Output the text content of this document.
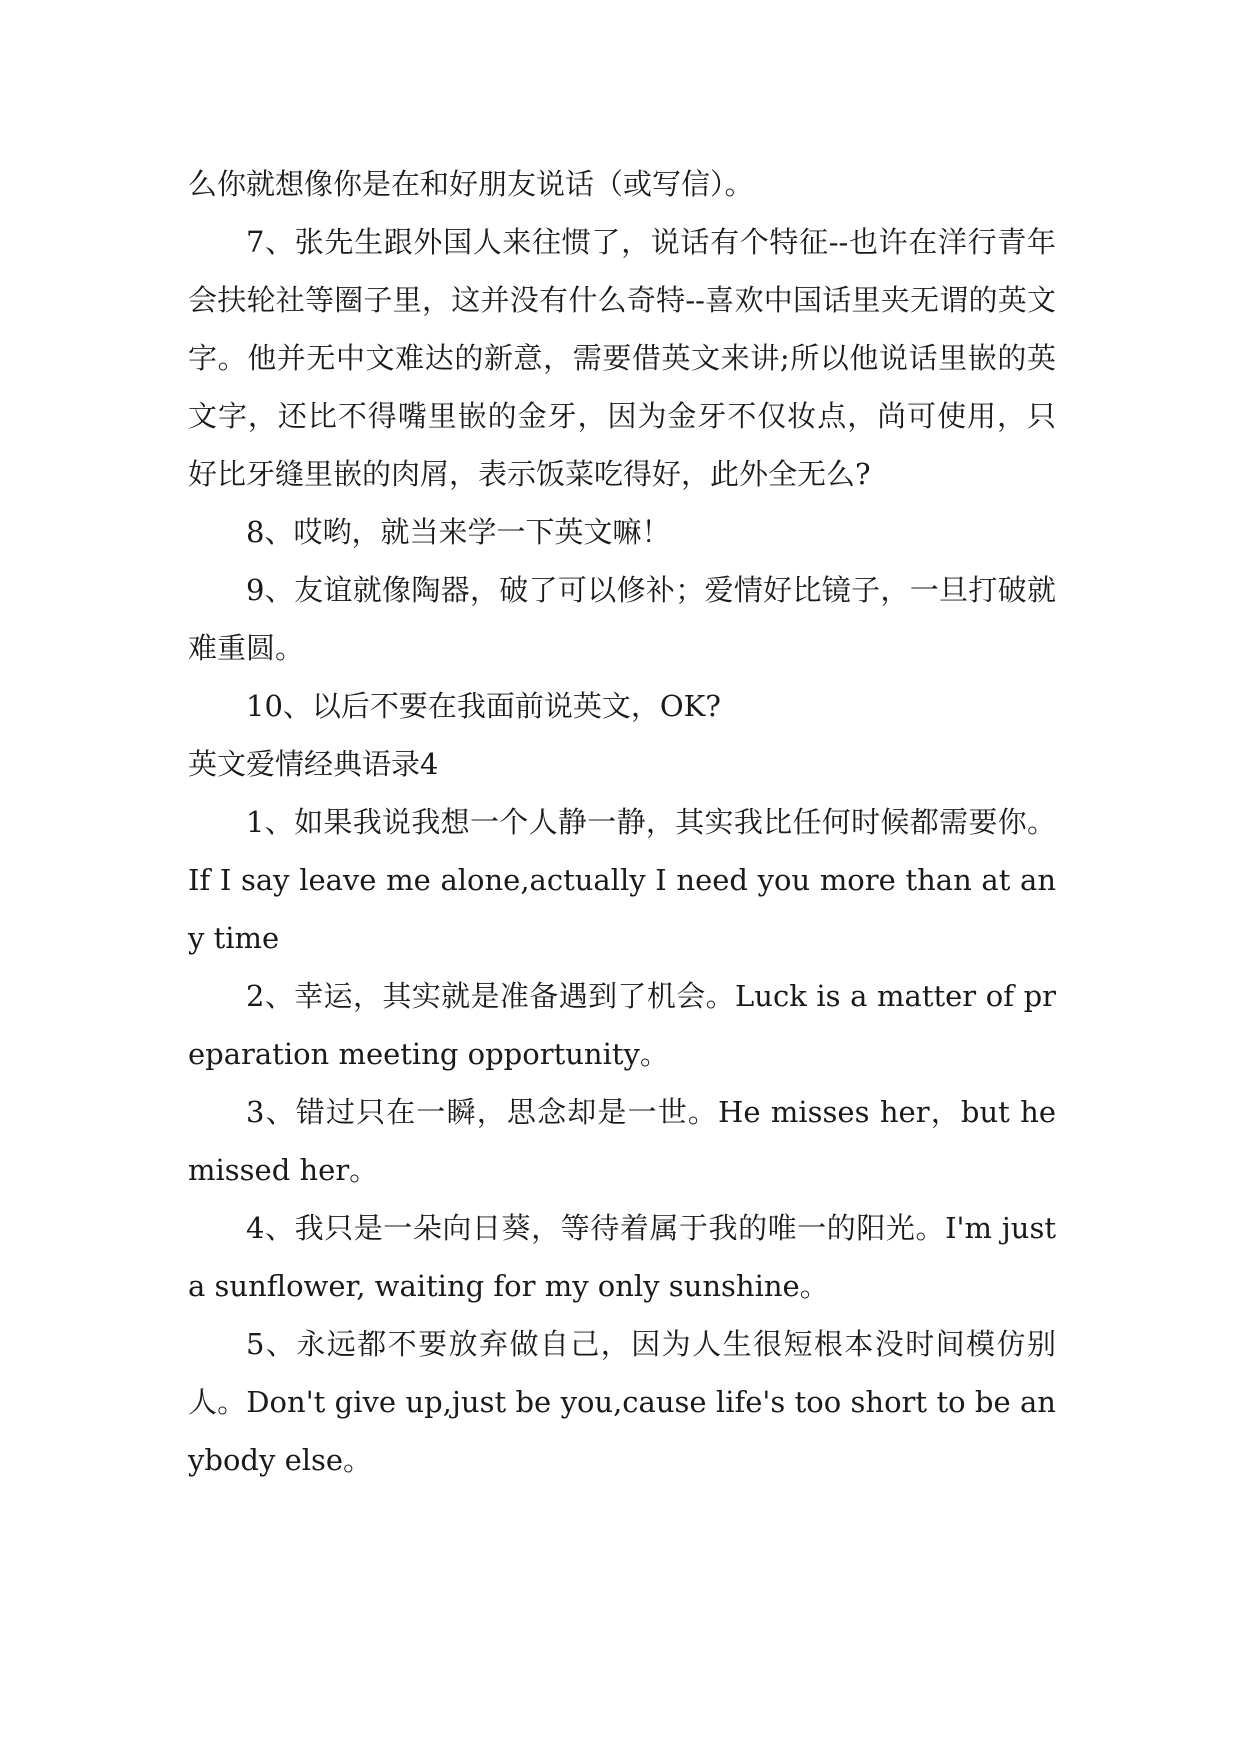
么你就想像你是在和好朋友说话（或写信）。

7、张先生跟外国人来往惯了，说话有个特征--也许在洋行青年会扶轮社等圈子里，这并没有什么奇特--喜欢中国话里夹无谓的英文字。他并无中文难达的新意，需要借英文来讲;所以他说话里嵌的英文字，还比不得嘴里嵌的金牙，因为金牙不仅妆点，尚可使用，只好比牙缝里嵌的肉屑，表示饭菜吃得好，此外全无么?

8、哎哟，就当来学一下英文嘛！

9、友谊就像陶器，破了可以修补；爱情好比镜子，一旦打破就难重圆。

10、以后不要在我面前说英文，OK?

英文爱情经典语录4

1、如果我说我想一个人静一静，其实我比任何时候都需要你。If I say leave me alone,actually I need you more than at any time

2、幸运，其实就是准备遇到了机会。Luck is a matter of preparation meeting opportunity。

3、错过只在一瞬，思念却是一世。He misses her，but he missed her。

4、我只是一朵向日葵，等待着属于我的唯一的阳光。I'm just a sunflower, waiting for my only sunshine。

5、永远都不要放弃做自己，因为人生很短根本没时间模仿别人。Don't give up,just be you,cause life's too short to be anybody else。
